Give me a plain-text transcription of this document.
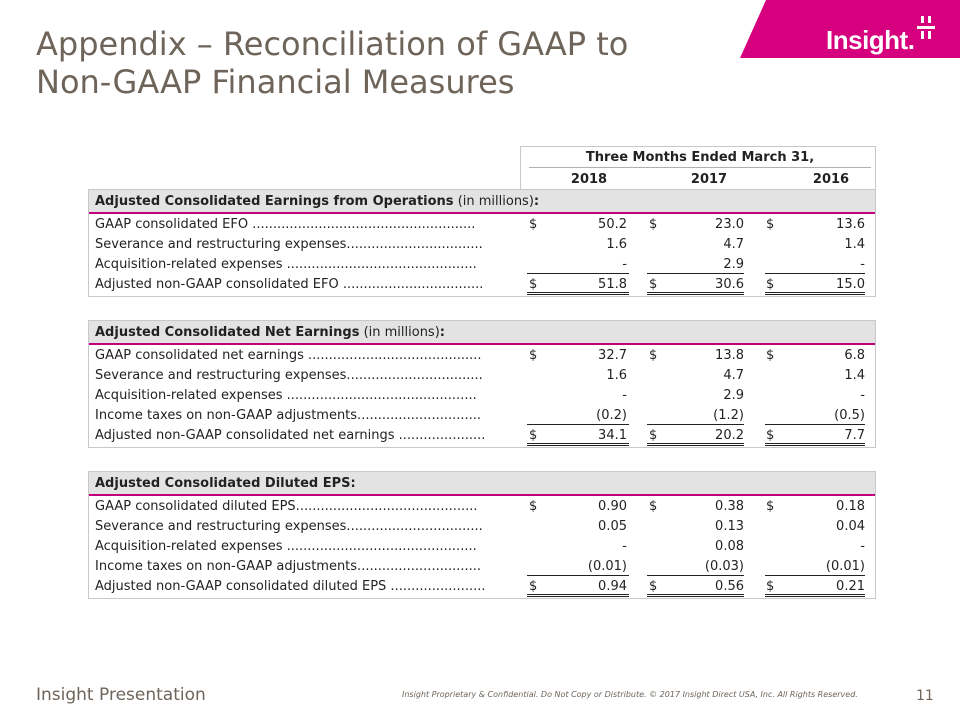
Insight.
Appendix – Reconciliation of GAAP to
Non-GAAP Financial Measures
Three Months Ended March 31,
2018	2017	2016
Adjusted Consolidated Earnings from Operations (in millions):
GAAP consolidated EFO ......................................................	$	50.2 $	23.0 $	13.6
Severance and restructuring expenses.................................	1.6	4.7	1.4
Acquisition-related expenses ..............................................	-	2.9	-
Adjusted non-GAAP consolidated EFO ..................................	$	51.8 $	30.6 $	15.0
Adjusted Consolidated Net Earnings (in millions):
GAAP consolidated net earnings ..........................................	$	32.7 $	13.8 $	6.8
Severance and restructuring expenses.................................	1.6	4.7	1.4
Acquisition-related expenses ..............................................	-	2.9	-
Income taxes on non-GAAP adjustments..............................	(0.2)	(1.2)	(0.5)
Adjusted non-GAAP consolidated net earnings .....................	$	34.1 $	20.2 $	7.7
Adjusted Consolidated Diluted EPS:
GAAP consolidated diluted EPS............................................	$	0.90 $	0.38 $	0.18
Severance and restructuring expenses.................................	0.05	0.13	0.04
Acquisition-related expenses ..............................................	-	0.08	-
Income taxes on non-GAAP adjustments..............................	(0.01)	(0.03)	(0.01)
Adjusted non-GAAP consolidated diluted EPS .......................	$	0.94 $	0.56 $	0.21
Insight Presentation	Insight Proprietary & Confidential. Do Not Copy or Distribute. © 2017 Insight Direct USA, Inc. All Rights Reserved.	11
